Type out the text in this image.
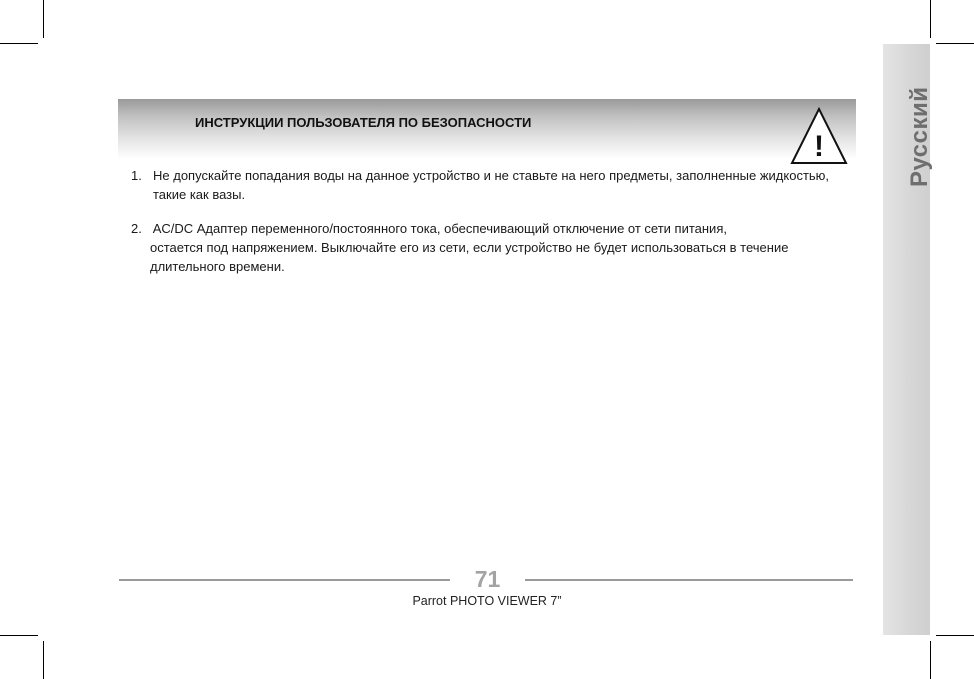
Русский
ИНСТРУКЦИИ ПОЛЬЗОВАТЕЛЯ ПО БЕЗОПАСНОСТИ
!
1. Не допускайте попадания воды на данное устройство и не ставьте на него предметы, заполненные жидкостью, такие как вазы.
2. AC/DC Адаптер переменного/постоянного тока, обеспечивающий отключение от сети питания,
остается под напряжением. Выключайте его из сети, если устройство не будет использоваться в течение длительного времени.
71
Parrot PHOTO VIEWER 7”
